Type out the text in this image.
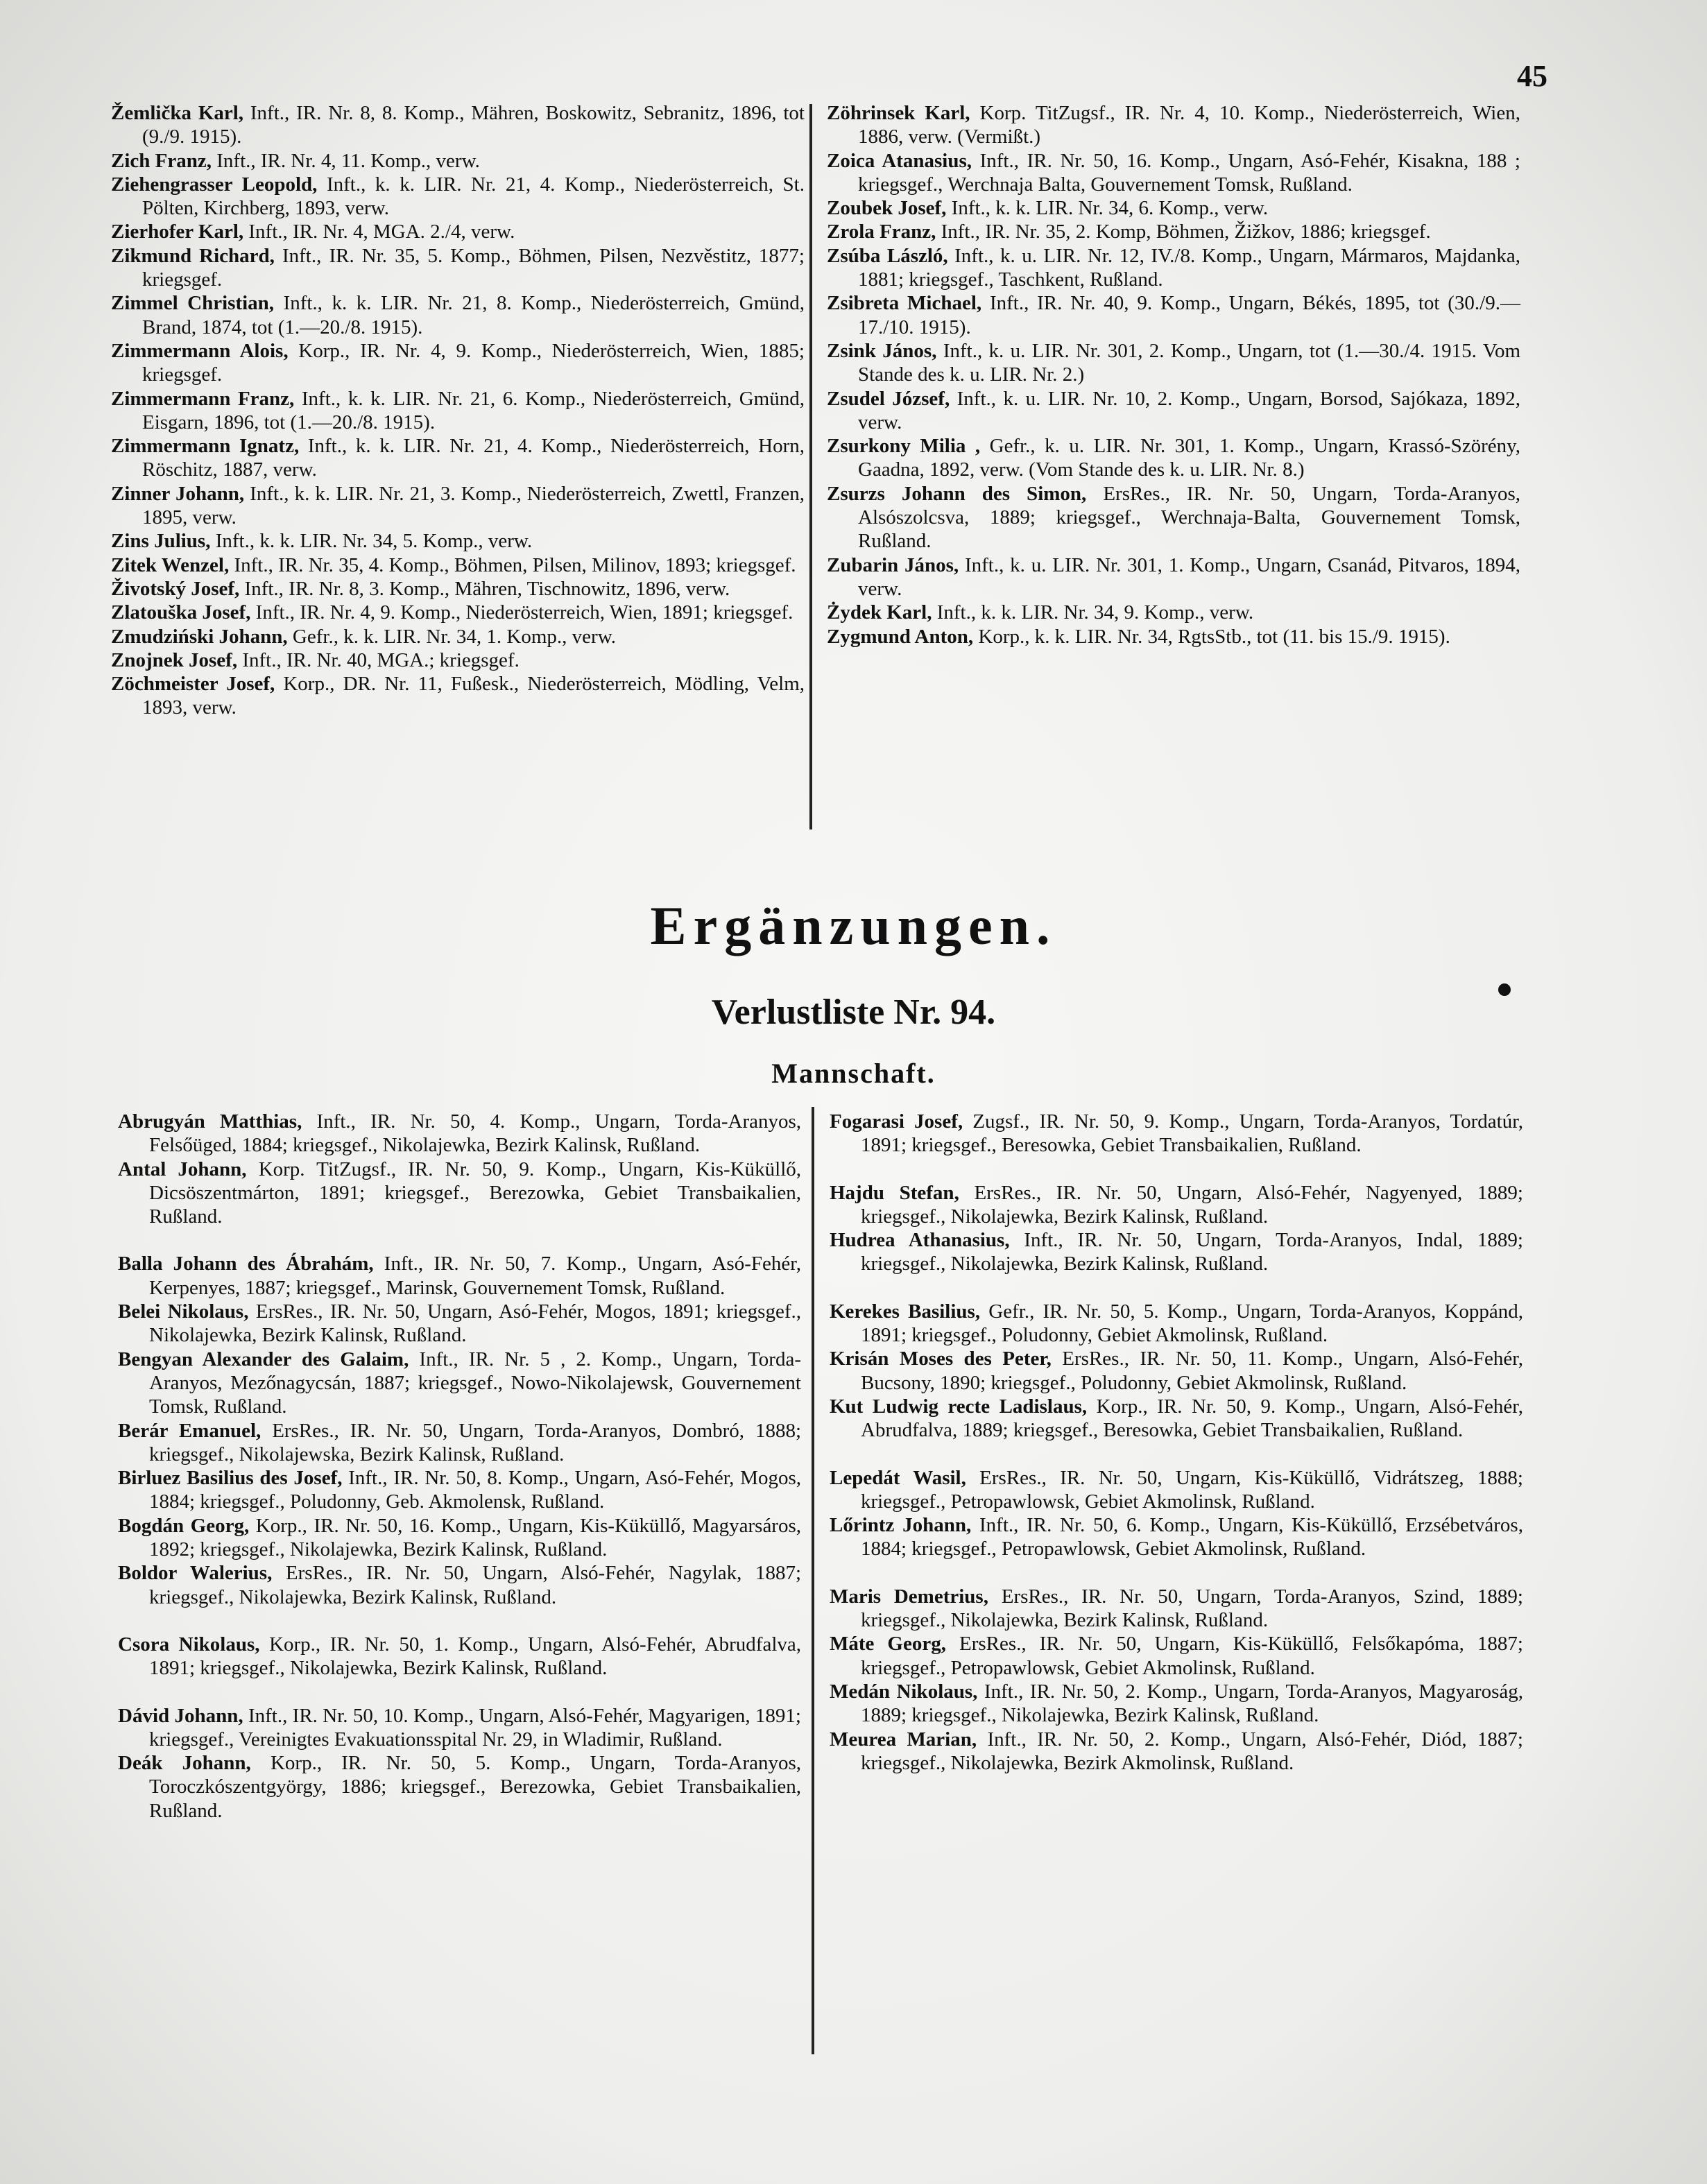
45

Žemlička Karl, Inft., IR. Nr. 8, 8. Komp., Mähren, Boskowitz, Sebranitz, 1896, tot (9./9. 1915).

Zich Franz, Inft., IR. Nr. 4, 11. Komp., verw.

Ziehengrasser Leopold, Inft., k. k. LIR. Nr. 21, 4. Komp., Niederösterreich, St. Pölten, Kirchberg, 1893, verw.

Zierhofer Karl, Inft., IR. Nr. 4, MGA. 2./4, verw.

Zikmund Richard, Inft., IR. Nr. 35, 5. Komp., Böhmen, Pilsen, Nezvěstitz, 1877; kriegsgef.

Zimmel Christian, Inft., k. k. LIR. Nr. 21, 8. Komp., Niederösterreich, Gmünd, Brand, 1874, tot (1.—20./8. 1915).

Zimmermann Alois, Korp., IR. Nr. 4, 9. Komp., Niederösterreich, Wien, 1885; kriegsgef.

Zimmermann Franz, Inft., k. k. LIR. Nr. 21, 6. Komp., Niederösterreich, Gmünd, Eisgarn, 1896, tot (1.—20./8. 1915).

Zimmermann Ignatz, Inft., k. k. LIR. Nr. 21, 4. Komp., Niederösterreich, Horn, Röschitz, 1887, verw.

Zinner Johann, Inft., k. k. LIR. Nr. 21, 3. Komp., Niederösterreich, Zwettl, Franzen, 1895, verw.

Zins Julius, Inft., k. k. LIR. Nr. 34, 5. Komp., verw.

Zitek Wenzel, Inft., IR. Nr. 35, 4. Komp., Böhmen, Pilsen, Milinov, 1893; kriegsgef.

Životský Josef, Inft., IR. Nr. 8, 3. Komp., Mähren, Tischnowitz, 1896, verw.

Zlatouška Josef, Inft., IR. Nr. 4, 9. Komp., Niederösterreich, Wien, 1891; kriegsgef.

Zmudziński Johann, Gefr., k. k. LIR. Nr. 34, 1. Komp., verw.

Znojnek Josef, Inft., IR. Nr. 40, MGA.; kriegsgef.

Zöchmeister Josef, Korp., DR. Nr. 11, Fußesk., Niederösterreich, Mödling, Velm, 1893, verw.

Zöhrinsek Karl, Korp. TitZugsf., IR. Nr. 4, 10. Komp., Niederösterreich, Wien, 1886, verw. (Vermißt.)

Zoica Atanasius, Inft., IR. Nr. 50, 16. Komp., Ungarn, Asó-Fehér, Kisakna, 188 ; kriegsgef., Werchnaja Balta, Gouvernement Tomsk, Rußland.

Zoubek Josef, Inft., k. k. LIR. Nr. 34, 6. Komp., verw.

Zrola Franz, Inft., IR. Nr. 35, 2. Komp, Böhmen, Žižkov, 1886; kriegsgef.

Zsúba László, Inft., k. u. LIR. Nr. 12, IV./8. Komp., Ungarn, Mármaros, Majdanka, 1881; kriegsgef., Taschkent, Rußland.

Zsibreta Michael, Inft., IR. Nr. 40, 9. Komp., Ungarn, Békés, 1895, tot (30./9.—17./10. 1915).

Zsink János, Inft., k. u. LIR. Nr. 301, 2. Komp., Ungarn, tot (1.—30./4. 1915. Vom Stande des k. u. LIR. Nr. 2.)

Zsudel József, Inft., k. u. LIR. Nr. 10, 2. Komp., Ungarn, Borsod, Sajókaza, 1892, verw.

Zsurkony Milia , Gefr., k. u. LIR. Nr. 301, 1. Komp., Ungarn, Krassó-Szörény, Gaadna, 1892, verw. (Vom Stande des k. u. LIR. Nr. 8.)

Zsurzs Johann des Simon, ErsRes., IR. Nr. 50, Ungarn, Torda-Aranyos, Alsószolcsva, 1889; kriegsgef., Werchnaja-Balta, Gouvernement Tomsk, Rußland.

Zubarin János, Inft., k. u. LIR. Nr. 301, 1. Komp., Ungarn, Csanád, Pitvaros, 1894, verw.

Żydek Karl, Inft., k. k. LIR. Nr. 34, 9. Komp., verw.

Zygmund Anton, Korp., k. k. LIR. Nr. 34, RgtsStb., tot (11. bis 15./9. 1915).

Ergänzungen.
Verlustliste Nr. 94.
Mannschaft.

Abrugyán Matthias, Inft., IR. Nr. 50, 4. Komp., Ungarn, Torda-Aranyos, Felsőüged, 1884; kriegsgef., Nikolajewka, Bezirk Kalinsk, Rußland.

Antal Johann, Korp. TitZugsf., IR. Nr. 50, 9. Komp., Ungarn, Kis-Küküllő, Dicsöszentmárton, 1891; kriegsgef., Berezowka, Gebiet Transbaikalien, Rußland.

Balla Johann des Ábrahám, Inft., IR. Nr. 50, 7. Komp., Ungarn, Asó-Fehér, Kerpenyes, 1887; kriegsgef., Marinsk, Gouvernement Tomsk, Rußland.

Belei Nikolaus, ErsRes., IR. Nr. 50, Ungarn, Asó-Fehér, Mogos, 1891; kriegsgef., Nikolajewka, Bezirk Kalinsk, Rußland.

Bengyan Alexander des Galaim, Inft., IR. Nr. 5 , 2. Komp., Ungarn, Torda-Aranyos, Mezőnagycsán, 1887; kriegsgef., Nowo-Nikolajewsk, Gouvernement Tomsk, Rußland.

Berár Emanuel, ErsRes., IR. Nr. 50, Ungarn, Torda-Aranyos, Dombró, 1888; kriegsgef., Nikolajewska, Bezirk Kalinsk, Rußland.

Birluez Basilius des Josef, Inft., IR. Nr. 50, 8. Komp., Ungarn, Asó-Fehér, Mogos, 1884; kriegsgef., Poludonny, Geb. Akmolensk, Rußland.

Bogdán Georg, Korp., IR. Nr. 50, 16. Komp., Ungarn, Kis-Küküllő, Magyarsáros, 1892; kriegsgef., Nikolajewka, Bezirk Kalinsk, Rußland.

Boldor Walerius, ErsRes., IR. Nr. 50, Ungarn, Alsó-Fehér, Nagylak, 1887; kriegsgef., Nikolajewka, Bezirk Kalinsk, Rußland.

Csora Nikolaus, Korp., IR. Nr. 50, 1. Komp., Ungarn, Alsó-Fehér, Abrudfalva, 1891; kriegsgef., Nikolajewka, Bezirk Kalinsk, Rußland.

Dávid Johann, Inft., IR. Nr. 50, 10. Komp., Ungarn, Alsó-Fehér, Magyarigen, 1891; kriegsgef., Vereinigtes Evakuationsspital Nr. 29, in Wladimir, Rußland.

Deák Johann, Korp., IR. Nr. 50, 5. Komp., Ungarn, Torda-Aranyos, Toroczkószentgyörgy, 1886; kriegsgef., Berezowka, Gebiet Transbaikalien, Rußland.

Fogarasi Josef, Zugsf., IR. Nr. 50, 9. Komp., Ungarn, Torda-Aranyos, Tordatúr, 1891; kriegsgef., Beresowka, Gebiet Transbaikalien, Rußland.

Hajdu Stefan, ErsRes., IR. Nr. 50, Ungarn, Alsó-Fehér, Nagyenyed, 1889; kriegsgef., Nikolajewka, Bezirk Kalinsk, Rußland.

Hudrea Athanasius, Inft., IR. Nr. 50, Ungarn, Torda-Aranyos, Indal, 1889; kriegsgef., Nikolajewka, Bezirk Kalinsk, Rußland.

Kerekes Basilius, Gefr., IR. Nr. 50, 5. Komp., Ungarn, Torda-Aranyos, Koppánd, 1891; kriegsgef., Poludonny, Gebiet Akmolinsk, Rußland.

Krisán Moses des Peter, ErsRes., IR. Nr. 50, 11. Komp., Ungarn, Alsó-Fehér, Bucsony, 1890; kriegsgef., Poludonny, Gebiet Akmolinsk, Rußland.

Kut Ludwig recte Ladislaus, Korp., IR. Nr. 50, 9. Komp., Ungarn, Alsó-Fehér, Abrudfalva, 1889; kriegsgef., Beresowka, Gebiet Transbaikalien, Rußland.

Lepedát Wasil, ErsRes., IR. Nr. 50, Ungarn, Kis-Küküllő, Vidrátszeg, 1888; kriegsgef., Petropawlowsk, Gebiet Akmolinsk, Rußland.

Lőrintz Johann, Inft., IR. Nr. 50, 6. Komp., Ungarn, Kis-Küküllő, Erzsébetváros, 1884; kriegsgef., Petropawlowsk, Gebiet Akmolinsk, Rußland.

Maris Demetrius, ErsRes., IR. Nr. 50, Ungarn, Torda-Aranyos, Szind, 1889; kriegsgef., Nikolajewka, Bezirk Kalinsk, Rußland.

Máte Georg, ErsRes., IR. Nr. 50, Ungarn, Kis-Küküllő, Felsőkapóma, 1887; kriegsgef., Petropawlowsk, Gebiet Akmolinsk, Rußland.

Medán Nikolaus, Inft., IR. Nr. 50, 2. Komp., Ungarn, Torda-Aranyos, Magyaroság, 1889; kriegsgef., Nikolajewka, Bezirk Kalinsk, Rußland.

Meurea Marian, Inft., IR. Nr. 50, 2. Komp., Ungarn, Alsó-Fehér, Diód, 1887; kriegsgef., Nikolajewka, Bezirk Akmolinsk, Rußland.
